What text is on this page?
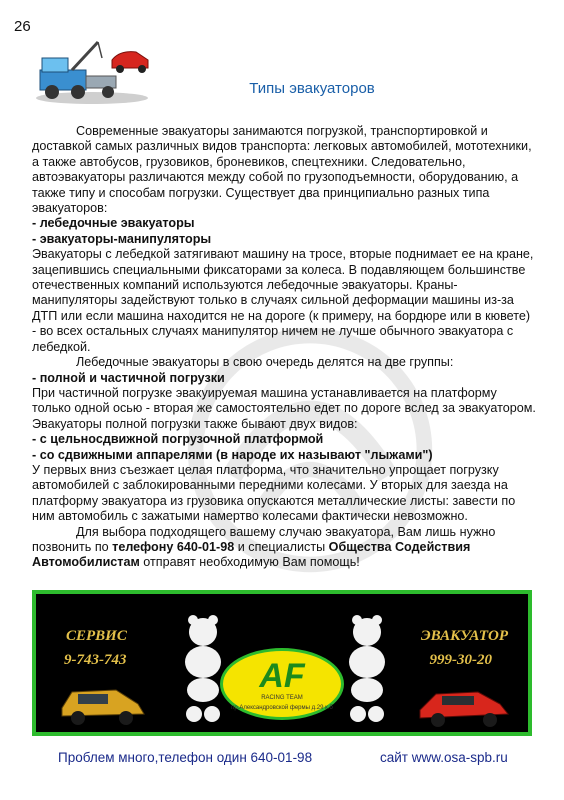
26
Типы эвакуаторов

Современные эвакуаторы занимаются погрузкой, транспортировкой и доставкой самых различных видов транспорта: легковых автомобилей, мототехники, а также автобусов, грузовиков, броневиков, спецтехники. Следовательно, автоэвакуаторы различаются между собой по грузоподъемности, оборудованию, а также типу и способам погрузки. Существует два принципиально разных типа эвакуаторов:

- лебедочные эвакуаторы

- эвакуаторы-манипуляторы

Эвакуаторы с лебедкой затягивают машину на тросе, вторые поднимает ее на кране, зацепившись специальными фиксаторами за колеса. В подавляющем большинстве отечественных компаний используются лебедочные эвакуаторы. Краны-манипуляторы задействуют только в случаях сильной деформации машины из-за ДТП или если машина находится не на дороге (к примеру, на бордюре или в кювете) - во всех остальных случаях манипулятор ничем не лучше обычного эвакуатора с лебедкой.

Лебедочные эвакуаторы в свою очередь делятся на две группы:

- полной и частичной погрузки

При частичной погрузке эвакуируемая машина устанавливается на платформу только одной осью - вторая же самостоятельно едет по дороге вслед за эвакуатором.

Эвакуаторы полной погрузки также бывают двух видов:

- с цельносдвижной погрузочной платформой

- со сдвижными аппарелями (в народе их называют "лыжами")

У первых вниз съезжает целая платформа, что значительно упрощает погрузку автомобилей с заблокированными передними колесами. У вторых для заезда на платформу эвакуатора из грузовика опускаются металлические листы: завести по ним автомобиль с зажатыми намертво колесами фактически невозможно.

Для выбора подходящего вашему случаю эвакуатора, Вам лишь нужно позвонить по телефону 640-01-98 и специалисты Общества Содействия Автомобилистам отправят необходимую Вам помощь!

СЕРВИС
9-743-743
ЭВАКУАТОР
999-30-20
AF
RACING TEAM
пр.Александровской фермы д.29 к.б
Проблем много,телефон один 640-01-98	сайт www.osa-spb.ru
